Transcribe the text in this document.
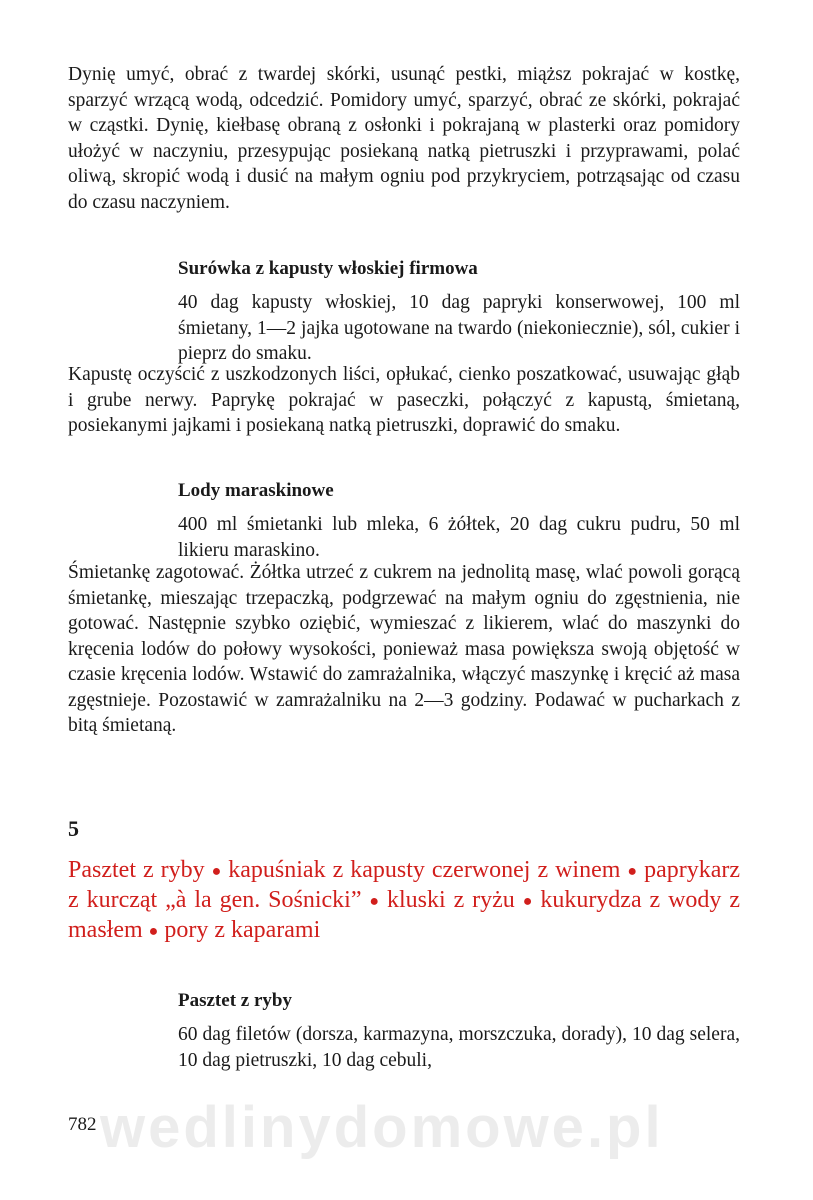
Dynię umyć, obrać z twardej skórki, usunąć pestki, miąższ pokrajać w kostkę, sparzyć wrzącą wodą, odcedzić. Pomidory umyć, sparzyć, obrać ze skórki, pokrajać w cząstki. Dynię, kiełbasę obraną z osłonki i pokrajaną w plasterki oraz pomidory ułożyć w naczyniu, przesypując posiekaną natką pietruszki i przyprawami, polać oliwą, skropić wodą i dusić na małym ogniu pod przykryciem, potrząsając od czasu do czasu naczyniem.

Surówka z kapusty włoskiej firmowa

40 dag kapusty włoskiej, 10 dag papryki konserwowej, 100 ml śmietany, 1—2 jajka ugotowane na twardo (niekoniecznie), sól, cukier i pieprz do smaku.

Kapustę oczyścić z uszkodzonych liści, opłukać, cienko poszatkować, usuwając głąb i grube nerwy. Paprykę pokrajać w paseczki, połączyć z kapustą, śmietaną, posiekanymi jajkami i posiekaną natką pietruszki, doprawić do smaku.

Lody maraskinowe

400 ml śmietanki lub mleka, 6 żółtek, 20 dag cukru pudru, 50 ml likieru maraskino.

Śmietankę zagotować. Żółtka utrzeć z cukrem na jednolitą masę, wlać powoli gorącą śmietankę, mieszając trzepaczką, podgrzewać na małym ogniu do zgęstnienia, nie gotować. Następnie szybko oziębić, wymieszać z likierem, wlać do maszynki do kręcenia lodów do połowy wysokości, ponieważ masa powiększa swoją objętość w czasie kręcenia lodów. Wstawić do zamrażalnika, włączyć maszynkę i kręcić aż masa zgęstnieje. Pozostawić w zamrażalniku na 2—3 godziny. Podawać w pucharkach z bitą śmietaną.

5

Pasztet z ryby ● kapuśniak z kapusty czerwonej z winem ● paprykarz z kurcząt „à la gen. Sośnicki” ● kluski z ryżu ● kukurydza z wody z masłem ● pory z kaparami

Pasztet z ryby

60 dag filetów (dorsza, karmazyna, morszczuka, dorady), 10 dag selera, 10 dag pietruszki, 10 dag cebuli,

wedlinydomowe.pl
782
